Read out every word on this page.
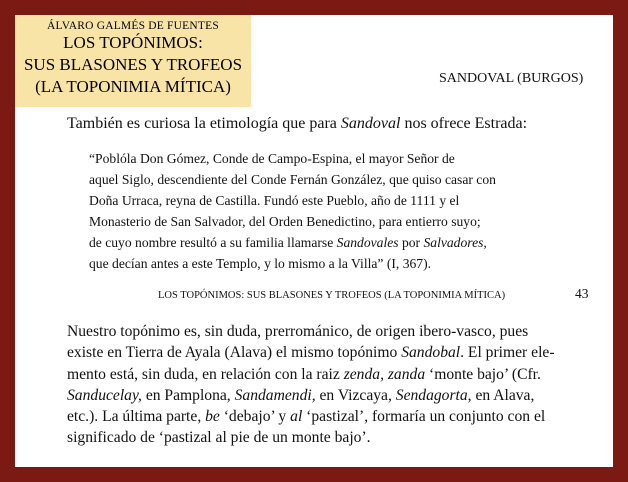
ÁLVARO GALMÉS DE FUENTES
LOS TOPÓNIMOS:
SUS BLASONES Y TROFEOS
(LA TOPONIMIA MÍTICA)	SANDOVAL (BURGOS)
También es curiosa la etimología que para Sandoval nos ofrece Estrada:

“Poblóla Don Gómez, Conde de Campo-Espina, el mayor Señor de

aquel Siglo, descendiente del Conde Fernán González, que quiso casar con

Doña Urraca, reyna de Castilla. Fundó este Pueblo, año de 1111 y el

Monasterio de San Salvador, del Orden Benedictino, para entierro suyo;

de cuyo nombre resultó a su familia llamarse Sandovales por Salvadores,

que decían antes a este Templo, y lo mismo a la Villa” (I, 367).

LOS TOPÓNIMOS: SUS BLASONES Y TROFEOS (LA TOPONIMIA MÍTICA)	43

Nuestro topónimo es, sin duda, prerrománico, de origen ibero-vasco, pues

existe en Tierra de Ayala (Alava) el mismo topónimo Sandobal. El primer ele-

mento está, sin duda, en relación con la raiz zenda, zanda ‘monte bajo’ (Cfr.

Sanducelay, en Pamplona, Sandamendi, en Vizcaya, Sendagorta, en Alava,

etc.). La última parte, be ‘debajo’ y al ‘pastizal’, formaría un conjunto con el

significado de ‘pastizal al pie de un monte bajo’.
